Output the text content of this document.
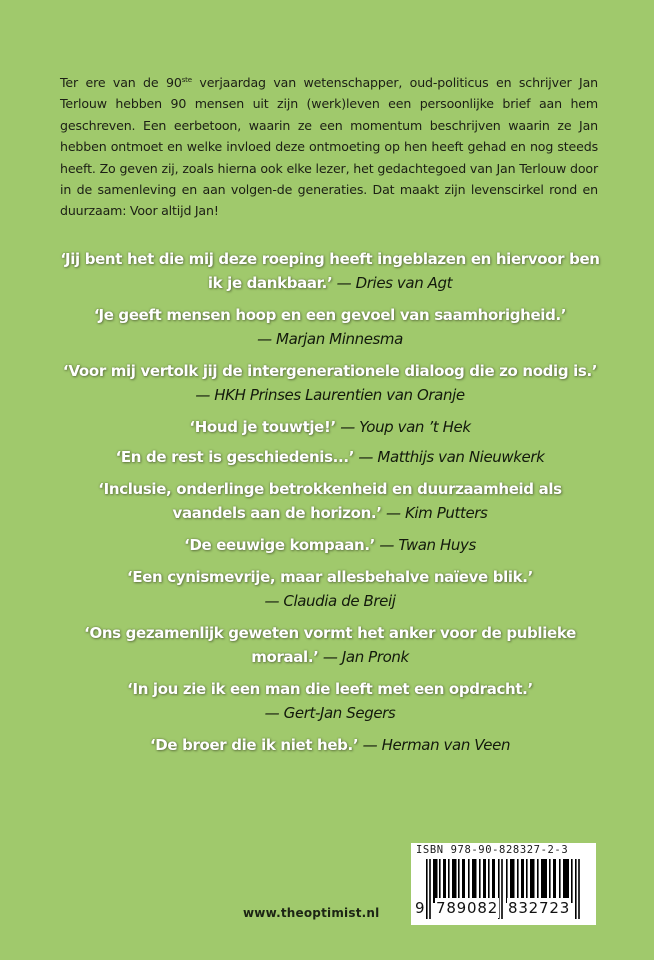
Ter ere van de 90ste verjaardag van wetenschapper, oud-politicus en schrijver Jan Terlouw hebben 90 mensen uit zijn (werk)leven een persoonlijke brief aan hem geschreven. Een eerbetoon, waarin ze een momentum beschrijven waarin ze Jan hebben ontmoet en welke invloed deze ontmoeting op hen heeft gehad en nog steeds heeft. Zo geven zij, zoals hierna ook elke lezer, het gedachtegoed van Jan Terlouw door in de samenleving en aan volgen-de generaties. Dat maakt zijn levenscirkel rond en duurzaam: Voor altijd Jan!
‘Jij bent het die mij deze roeping heeft ingeblazen en hiervoor ben ik je dankbaar.’ — Dries van Agt
‘Je geeft mensen hoop en een gevoel van saamhorigheid.’
— Marjan Minnesma
‘Voor mij vertolk jij de intergenerationele dialoog die zo nodig is.’ — HKH Prinses Laurentien van Oranje
‘Houd je touwtje!’ — Youp van ’t Hek
‘En de rest is geschiedenis...’ — Matthijs van Nieuwkerk
‘Inclusie, onderlinge betrokkenheid en duurzaamheid als vaandels aan de horizon.’ — Kim Putters
‘De eeuwige kompaan.’ — Twan Huys
‘Een cynismevrije, maar allesbehalve naïeve blik.’
— Claudia de Breij
‘Ons gezamenlijk geweten vormt het anker voor de publieke moraal.’ — Jan Pronk
‘In jou zie ik een man die leeft met een opdracht.’
— Gert-Jan Segers
‘De broer die ik niet heb.’ — Herman van Veen
www.theoptimist.nl
ISBN 978-90-828327-2-3
9 789082 832723
